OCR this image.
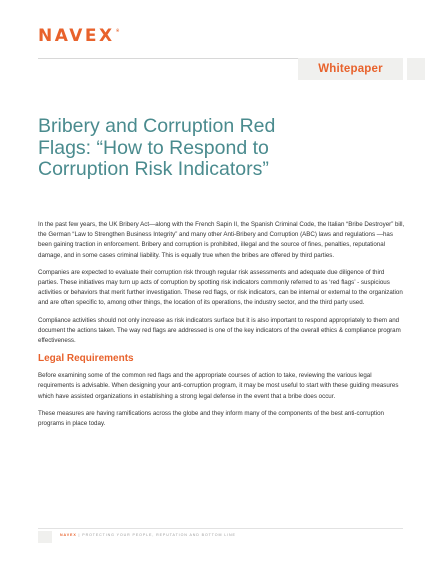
NAVEX®
Whitepaper
Bribery and Corruption Red Flags: “How to Respond to Corruption Risk Indicators”

In the past few years, the UK Bribery Act—along with the French Sapin II, the Spanish Criminal Code, the Italian “Bribe Destroyer” bill, the German “Law to Strengthen Business Integrity” and many other Anti-Bribery and Corruption (ABC) laws and regulations —has been gaining traction in enforcement. Bribery and corruption is prohibited, illegal and the source of fines, penalties, reputational damage, and in some cases criminal liability. This is equally true when the bribes are offered by third parties.

Companies are expected to evaluate their corruption risk through regular risk assessments and adequate due diligence of third parties. These initiatives may turn up acts of corruption by spotting risk indicators commonly referred to as ‘red flags’ - suspicious activities or behaviors that merit further investigation. These red flags, or risk indicators, can be internal or external to the organization and are often specific to, among other things, the location of its operations, the industry sector, and the third party used.

Compliance activities should not only increase as risk indicators surface but it is also important to respond appropriately to them and document the actions taken. The way red flags are addressed is one of the key indicators of the overall ethics & compliance program effectiveness.

Legal Requirements

Before examining some of the common red flags and the appropriate courses of action to take, reviewing the various legal requirements is advisable. When designing your anti-corruption program, it may be most useful to start with these guiding measures which have assisted organizations in establishing a strong legal defense in the event that a bribe does occur.

These measures are having ramifications across the globe and they inform many of the components of the best anti-corruption programs in place today.

NAVEX | PROTECTING YOUR PEOPLE, REPUTATION AND BOTTOM LINE
